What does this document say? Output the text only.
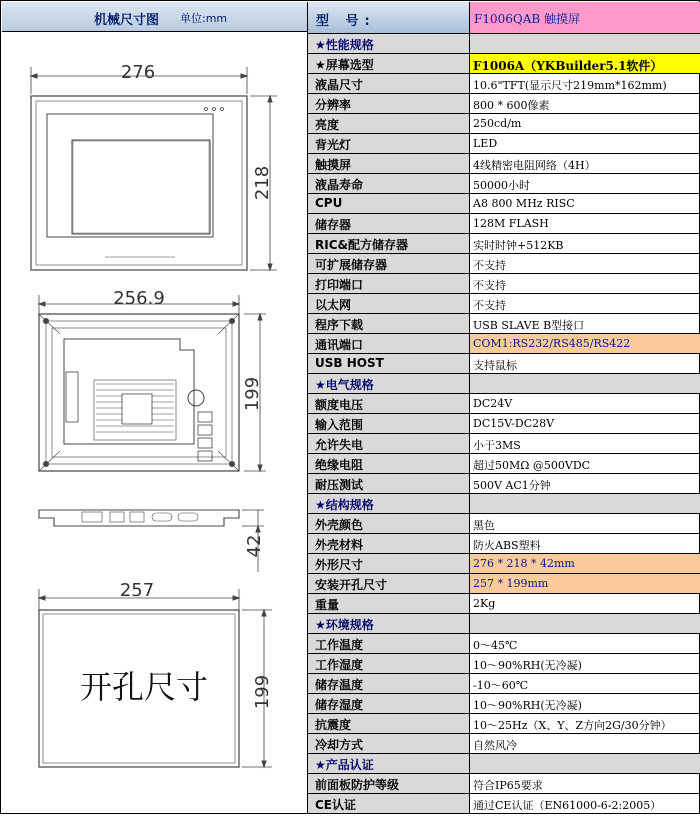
机械尺寸图 单位:mm
276
218
256.9
199
42
257
199
开孔尺寸
型 号:	F1006QAB 触摸屏
★性能规格
★屏幕选型	F1006A（YKBuilder5.1软件）
液晶尺寸	10.6"TFT(显示尺寸219mm*162mm)
分辨率	800 * 600像素
亮度	250cd/m
背光灯	LED
触摸屏	4线精密电阻网络（4H）
液晶寿命	50000小时
CPU	A8 800 MHz RISC
储存器	128M FLASH
RIC&配方储存器	实时时钟+512KB
可扩展储存器	不支持
打印端口	不支持
以太网	不支持
程序下载	USB SLAVE B型接口
通讯端口	COM1:RS232/RS485/RS422
USB HOST	支持鼠标
★电气规格
额度电压	DC24V
输入范围	DC15V-DC28V
允许失电	小于3MS
绝缘电阻	超过50MΩ @500VDC
耐压测试	500V AC1分钟
★结构规格
外壳颜色	黑色
外壳材料	防火ABS塑料
外形尺寸	276 * 218 * 42mm
安装开孔尺寸	257 * 199mm
重量	2Kg
★环境规格
工作温度	0～45℃
工作湿度	10～90%RH(无冷凝)
储存温度	-10～60℃
储存湿度	10～90%RH(无冷凝)
抗震度	10～25Hz（X、Y、Z方向2G/30分钟）
冷却方式	自然风冷
★产品认证
前面板防护等级	符合IP65要求
CE认证	通过CE认证（EN61000-6-2:2005）
